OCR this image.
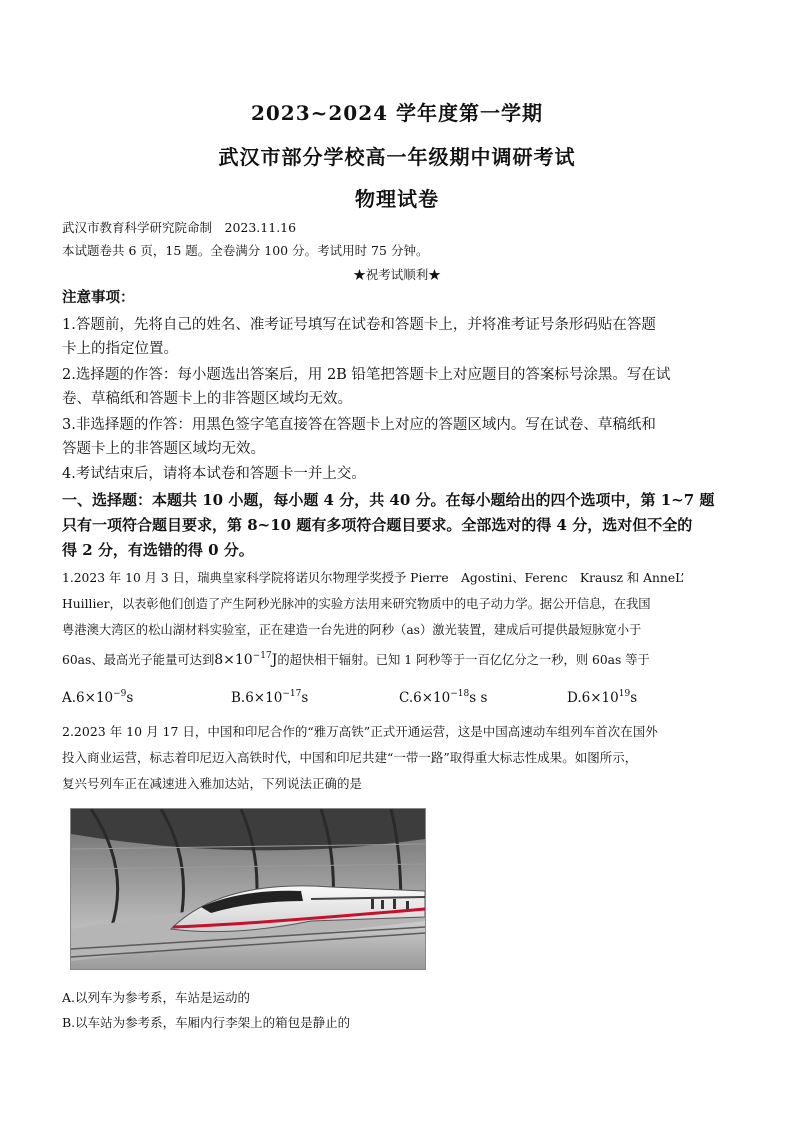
2023~2024 学年度第一学期
武汉市部分学校高一年级期中调研考试
物理试卷
武汉市教育科学研究院命制　2023.11.16
本试题卷共 6 页，15 题。全卷满分 100 分。考试用时 75 分钟。
★祝考试顺利★
注意事项：
1.答题前，先将自己的姓名、准考证号填写在试卷和答题卡上，并将准考证号条形码贴在答题
卡上的指定位置。
2.选择题的作答：每小题选出答案后，用 2B 铅笔把答题卡上对应题目的答案标号涂黑。写在试
卷、草稿纸和答题卡上的非答题区域均无效。
3.非选择题的作答：用黑色签字笔直接答在答题卡上对应的答题区域内。写在试卷、草稿纸和
答题卡上的非答题区域均无效。
4.考试结束后，请将本试卷和答题卡一并上交。
一、选择题：本题共 10 小题，每小题 4 分，共 40 分。在每小题给出的四个选项中，第 1~7 题
只有一项符合题目要求，第 8~10 题有多项符合题目要求。全部选对的得 4 分，选对但不全的
得 2 分，有选错的得 0 分。
1.2023 年 10 月 3 日，瑞典皇家科学院将诺贝尔物理学奖授予 Pierre　Agostini、Ferenc　Krausz 和 AnneL’
Huillier，以表彰他们创造了产生阿秒光脉冲的实验方法用来研究物质中的电子动力学。据公开信息，在我国
粤港澳大湾区的松山湖材料实验室，正在建造一台先进的阿秒（as）激光装置，建成后可提供最短脉宽小于
60as、最高光子能量可达到$8\times 10^{-17}J$的超快相干辐射。已知 1 阿秒等于一百亿亿分之一秒，则 60as 等于
$A.6\times 10^{-9}s$	$B.6\times 10^{-17}s$	$C.6\times 10^{-18}s$ s	$D.6\times 10^{19}s$
2.2023 年 10 月 17 日，中国和印尼合作的“雅万高铁”正式开通运营，这是中国高速动车组列车首次在国外
投入商业运营，标志着印尼迈入高铁时代，中国和印尼共建“一带一路”取得重大标志性成果。如图所示，
复兴号列车正在减速进入雅加达站，下列说法正确的是
A.以列车为参考系，车站是运动的
B.以车站为参考系，车厢内行李架上的箱包是静止的
